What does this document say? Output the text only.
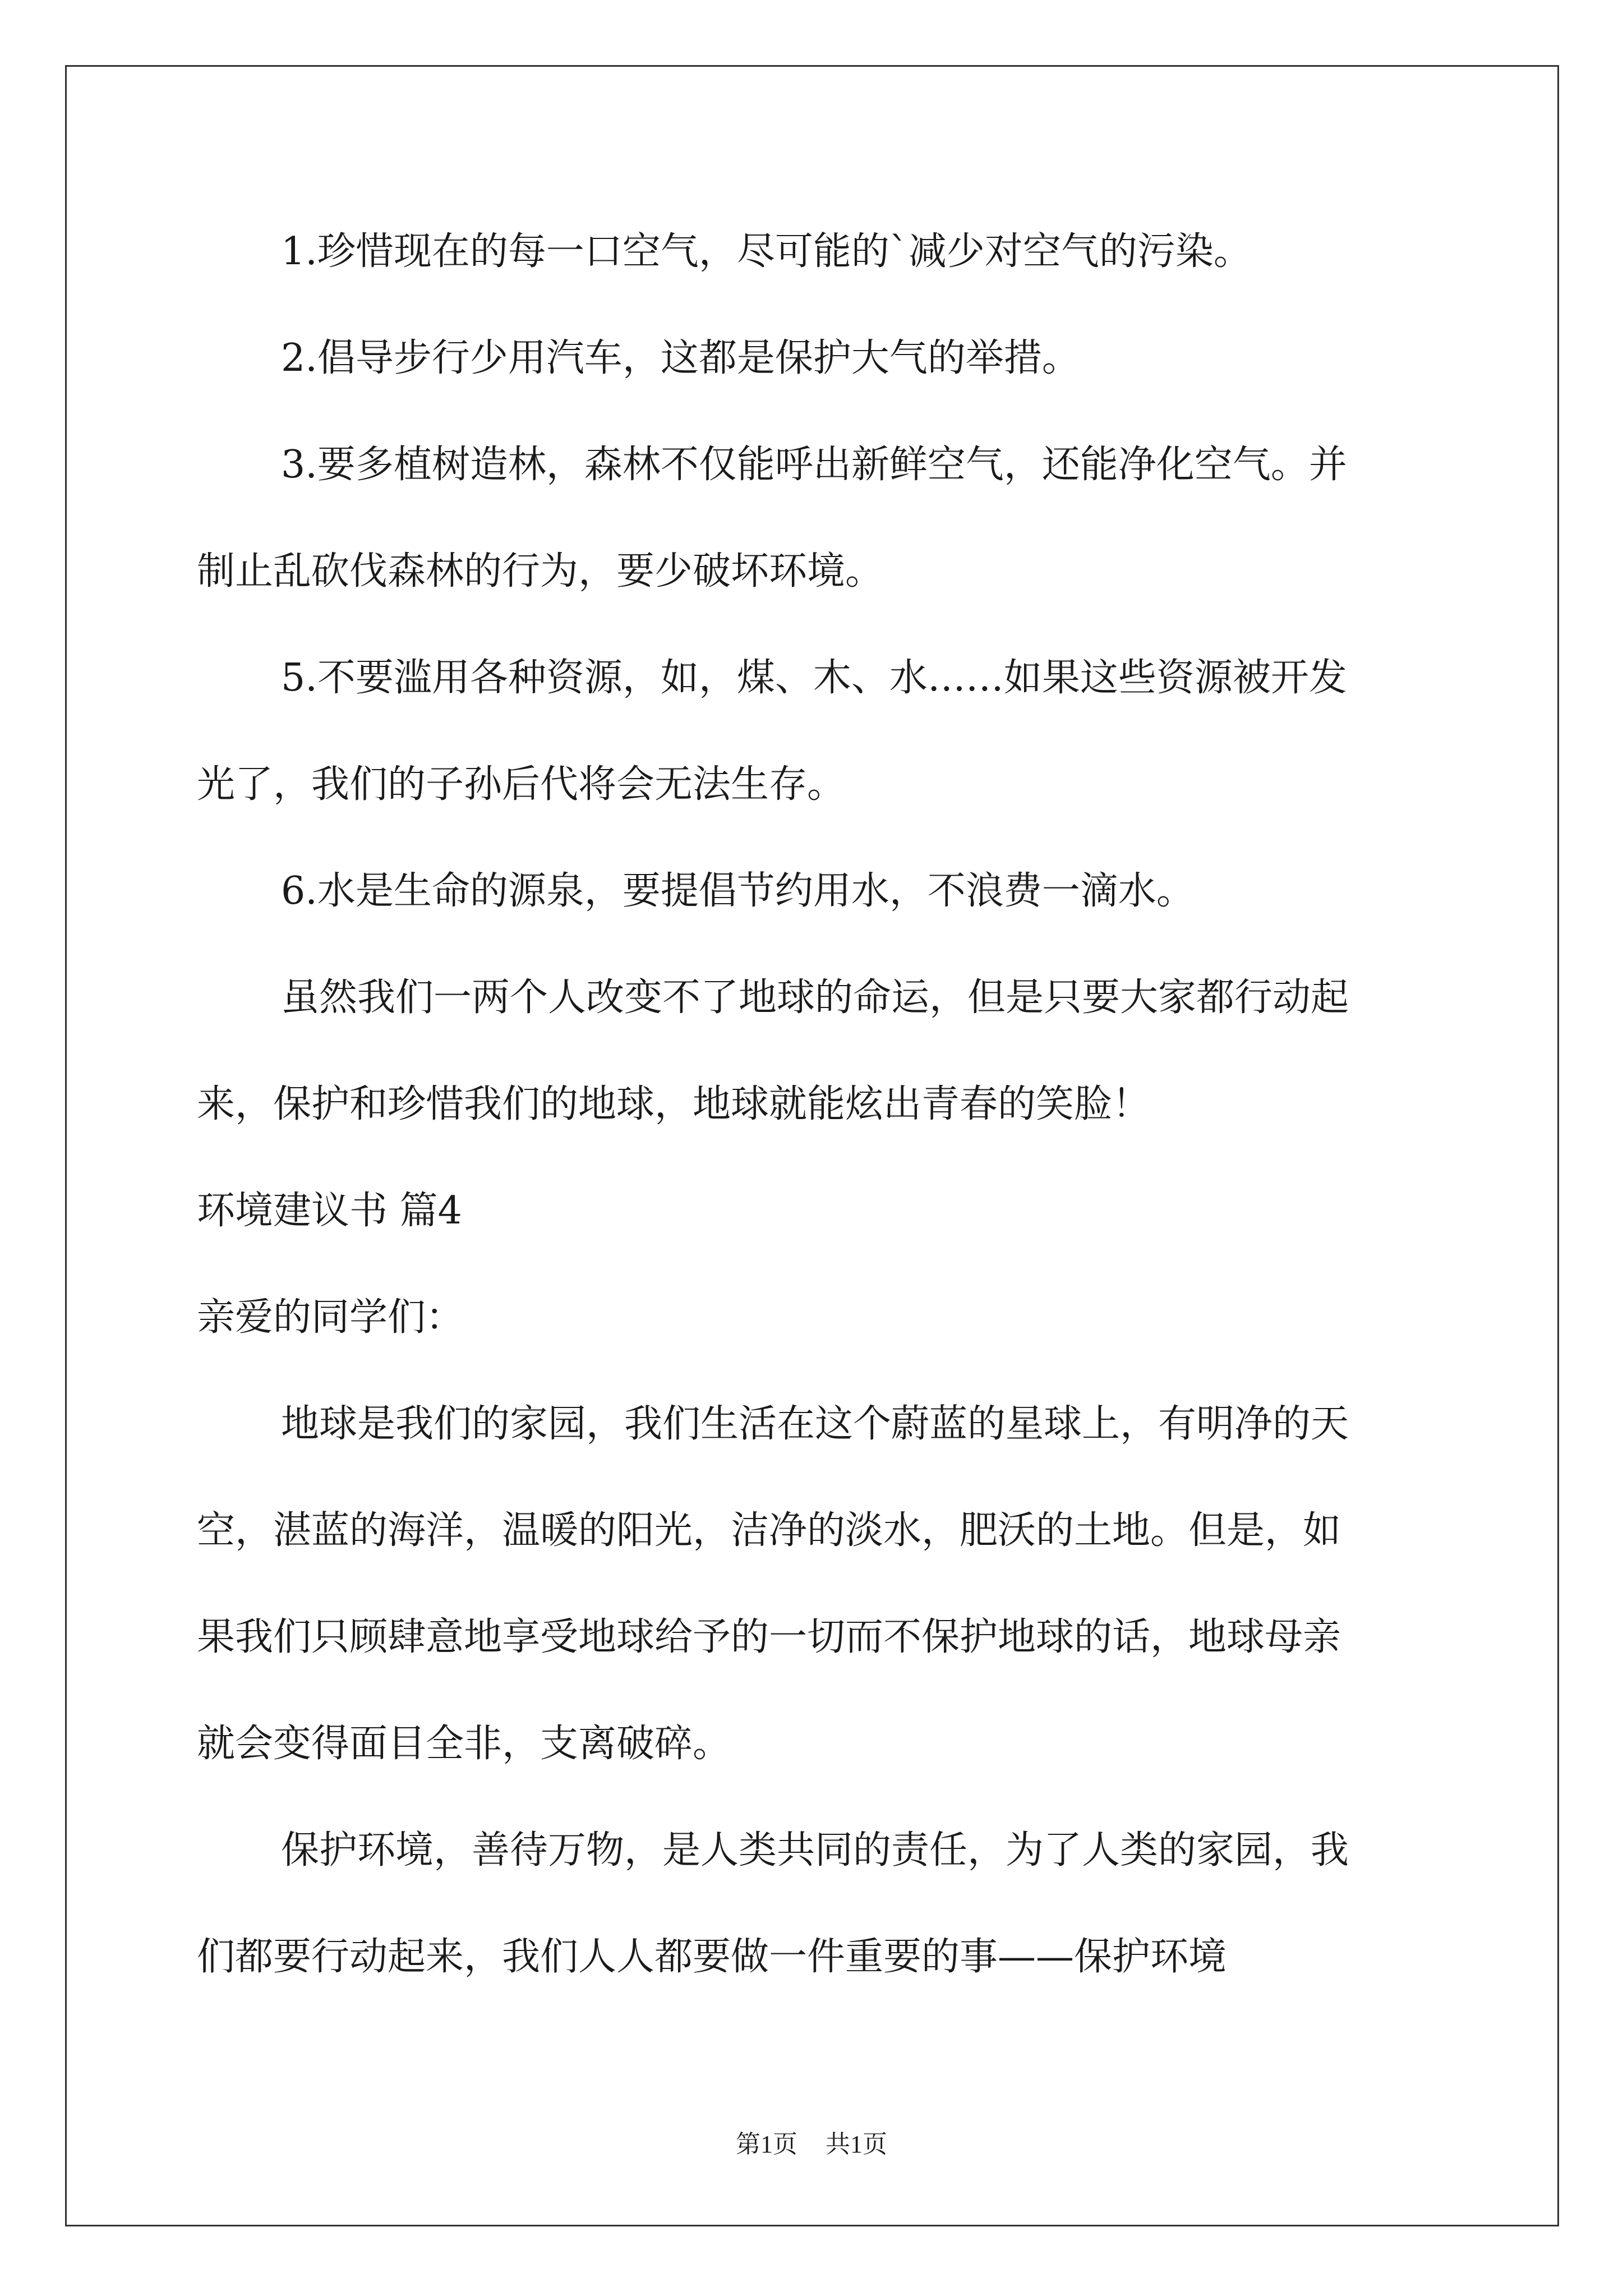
1.珍惜现在的每一口空气，尽可能的`减少对空气的污染。
2.倡导步行少用汽车，这都是保护大气的举措。
3.要多植树造林，森林不仅能呼出新鲜空气，还能净化空气。并
制止乱砍伐森林的行为，要少破坏环境。
5.不要滥用各种资源，如，煤、木、水……如果这些资源被开发
光了，我们的子孙后代将会无法生存。
6.水是生命的源泉，要提倡节约用水，不浪费一滴水。
虽然我们一两个人改变不了地球的命运，但是只要大家都行动起
来，保护和珍惜我们的地球，地球就能炫出青春的笑脸！
环境建议书 篇4
亲爱的同学们：
地球是我们的家园，我们生活在这个蔚蓝的星球上，有明净的天
空，湛蓝的海洋，温暖的阳光，洁净的淡水，肥沃的土地。但是，如
果我们只顾肆意地享受地球给予的一切而不保护地球的话，地球母亲
就会变得面目全非，支离破碎。
保护环境，善待万物，是人类共同的责任，为了人类的家园，我
们都要行动起来，我们人人都要做一件重要的事——保护环境
第1页 共1页
